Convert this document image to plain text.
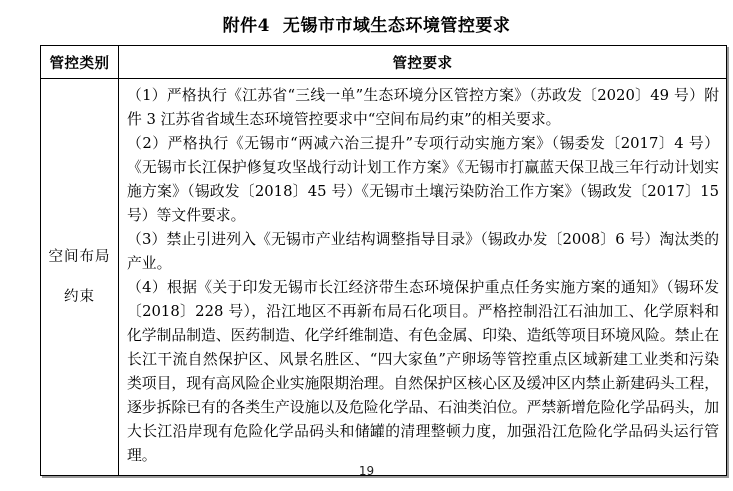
附件4  无锡市市域生态环境管控要求
管控类别	管控要求
空间布局约束	（1）严格执行《江苏省“三线一单”生态环境分区管控方案》（苏政发〔2020〕49 号）附件 3 江苏省省域生态环境管控要求中“空间布局约束”的相关要求。

（2）严格执行《无锡市“两减六治三提升”专项行动实施方案》（锡委发〔2017〕4 号）《无锡市长江保护修复攻坚战行动计划工作方案》《无锡市打赢蓝天保卫战三年行动计划实施方案》（锡政发〔2018〕45 号）《无锡市土壤污染防治工作方案》（锡政发〔2017〕15 号）等文件要求。

（3）禁止引进列入《无锡市产业结构调整指导目录》（锡政办发〔2008〕6 号）淘汰类的产业。

（4）根据《关于印发无锡市长江经济带生态环境保护重点任务实施方案的通知》（锡环发〔2018〕228 号），沿江地区不再新布局石化项目。严格控制沿江石油加工、化学原料和化学制品制造、医药制造、化学纤维制造、有色金属、印染、造纸等项目环境风险。禁止在长江干流自然保护区、风景名胜区、“四大家鱼”产卵场等管控重点区域新建工业类和污染类项目，现有高风险企业实施限期治理。自然保护区核心区及缓冲区内禁止新建码头工程，逐步拆除已有的各类生产设施以及危险化学品、石油类泊位。严禁新增危险化学品码头，加大长江沿岸现有危险化学品码头和储罐的清理整顿力度，加强沿江危险化学品码头运行管理。

19
